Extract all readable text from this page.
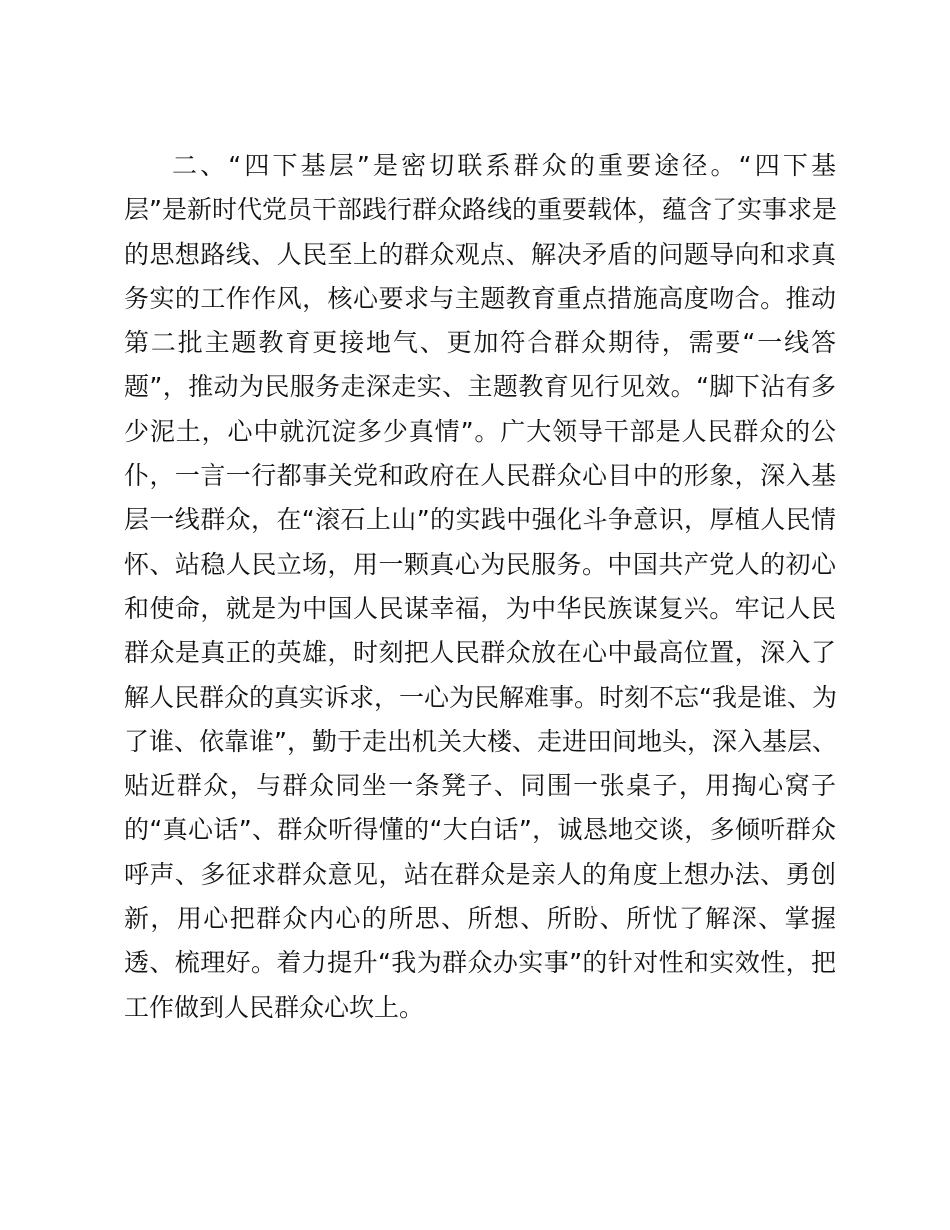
二、“四下基层”是密切联系群众的重要途径。“四下基
层”是新时代党员干部践行群众路线的重要载体，蕴含了实事求是
的思想路线、人民至上的群众观点、解决矛盾的问题导向和求真
务实的工作作风，核心要求与主题教育重点措施高度吻合。推动
第二批主题教育更接地气、更加符合群众期待，需要“一线答
题”，推动为民服务走深走实、主题教育见行见效。“脚下沾有多
少泥土，心中就沉淀多少真情”。广大领导干部是人民群众的公
仆，一言一行都事关党和政府在人民群众心目中的形象，深入基
层一线群众，在“滚石上山”的实践中强化斗争意识，厚植人民情
怀、站稳人民立场，用一颗真心为民服务。中国共产党人的初心
和使命，就是为中国人民谋幸福，为中华民族谋复兴。牢记人民
群众是真正的英雄，时刻把人民群众放在心中最高位置，深入了
解人民群众的真实诉求，一心为民解难事。时刻不忘“我是谁、为
了谁、依靠谁”，勤于走出机关大楼、走进田间地头，深入基层、
贴近群众，与群众同坐一条凳子、同围一张桌子，用掏心窝子
的“真心话”、群众听得懂的“大白话”，诚恳地交谈，多倾听群众
呼声、多征求群众意见，站在群众是亲人的角度上想办法、勇创
新，用心把群众内心的所思、所想、所盼、所忧了解深、掌握
透、梳理好。着力提升“我为群众办实事”的针对性和实效性，把
工作做到人民群众心坎上。
